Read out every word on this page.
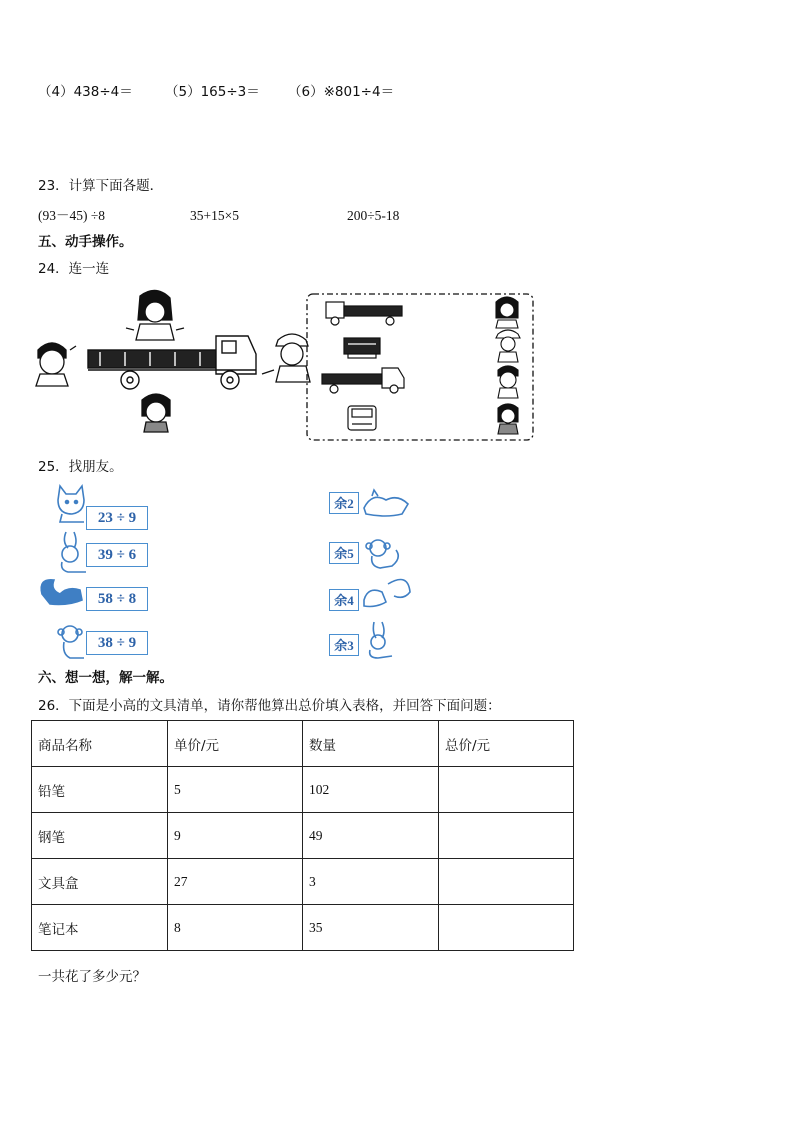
（4）438÷4＝ （5）165÷3＝ （6）※801÷4＝
23．计算下面各题．
(93－45) ÷8	35+15×5	200÷5-18
五、动手操作。
24．连一连
25．找朋友。
23 ÷ 9
39 ÷ 6
58 ÷ 8
38 ÷ 9
余2
余5
余4
余3
六、想一想，解一解。
26．下面是小高的文具清单，请你帮他算出总价填入表格，并回答下面问题：
商品名称	单价/元	数量	总价/元
铅笔	5	102	
钢笔	9	49	
文具盒	27	3	
笔记本	8	35	
一共花了多少元？
